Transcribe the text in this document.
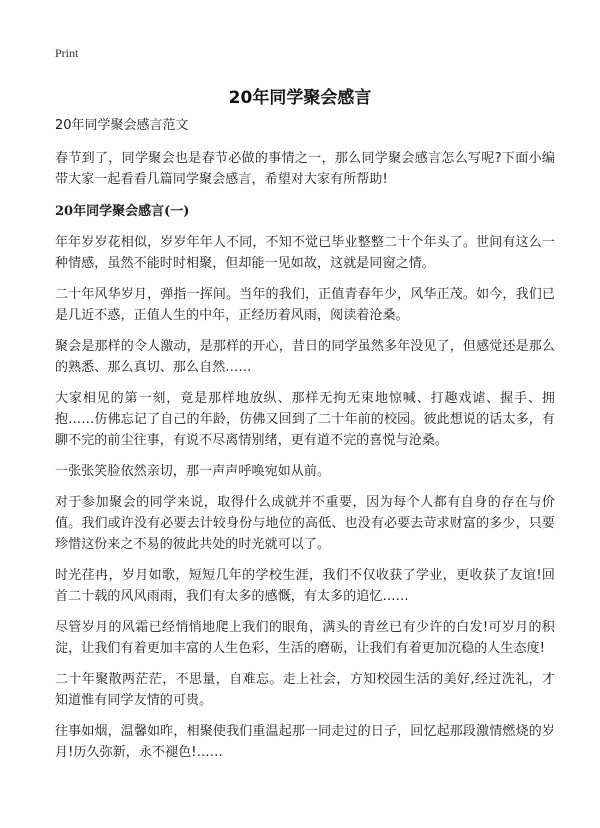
Print
20年同学聚会感言
20年同学聚会感言范文

春节到了，同学聚会也是春节必做的事情之一，那么同学聚会感言怎么写呢?下面小编带大家一起看看几篇同学聚会感言，希望对大家有所帮助!

20年同学聚会感言(一)

年年岁岁花相似，岁岁年年人不同，不知不觉已毕业整整二十个年头了。世间有这么一种情感，虽然不能时时相聚，但却能一见如故，这就是同窗之情。

二十年风华岁月，弹指一挥间。当年的我们，正值青春年少，风华正茂。如今，我们已是几近不惑，正值人生的中年，正经历着风雨，阅读着沧桑。

聚会是那样的令人激动，是那样的开心，昔日的同学虽然多年没见了，但感觉还是那么的熟悉、那么真切、那么自然……

大家相见的第一刻，竟是那样地放纵、那样无拘无束地惊喊、打趣戏谑、握手、拥抱……仿佛忘记了自己的年龄，仿佛又回到了二十年前的校园。彼此想说的话太多，有聊不完的前尘往事，有说不尽离情别绪，更有道不完的喜悦与沧桑。

一张张笑脸依然亲切，那一声声呼唤宛如从前。

对于参加聚会的同学来说，取得什么成就并不重要，因为每个人都有自身的存在与价值。我们或许没有必要去计较身份与地位的高低、也没有必要去苛求财富的多少，只要珍惜这份来之不易的彼此共处的时光就可以了。

时光荏冉，岁月如歌，短短几年的学校生涯，我们不仅收获了学业，更收获了友谊!回首二十载的风风雨雨，我们有太多的感慨，有太多的追忆……

尽管岁月的风霜已经悄悄地爬上我们的眼角，满头的青丝已有少许的白发!可岁月的积淀，让我们有着更加丰富的人生色彩，生活的磨砺，让我们有着更加沉稳的人生态度!

二十年聚散两茫茫，不思量，自难忘。走上社会，方知校园生活的美好,经过洗礼，才知道惟有同学友情的可贵。

往事如烟，温馨如昨，相聚使我们重温起那一同走过的日子，回忆起那段激情燃烧的岁月!历久弥新，永不褪色!……
